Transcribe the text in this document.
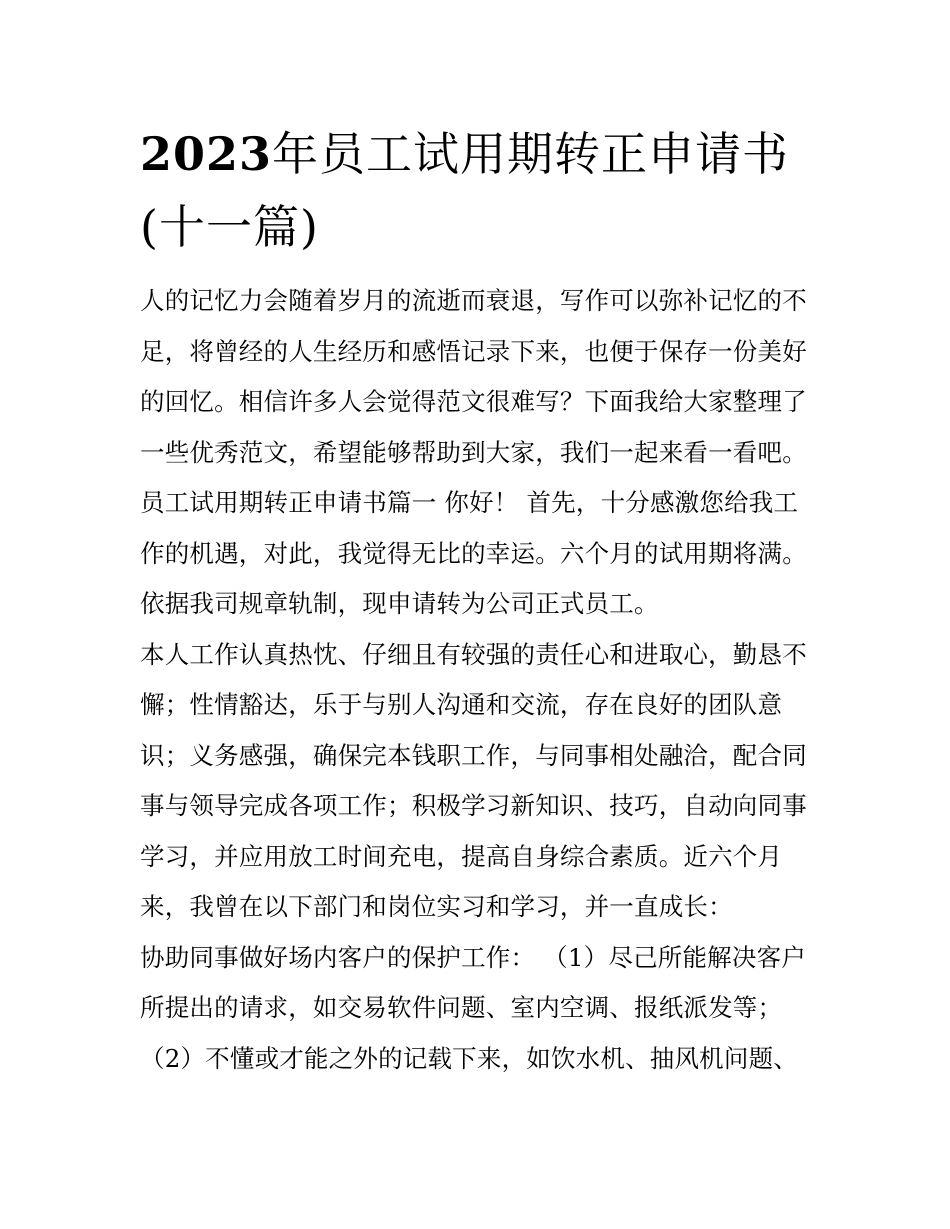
2023年员工试用期转正申请书
(十一篇)
人的记忆力会随着岁月的流逝而衰退，写作可以弥补记忆的不
足，将曾经的人生经历和感悟记录下来，也便于保存一份美好
的回忆。相信许多人会觉得范文很难写？下面我给大家整理了
一些优秀范文，希望能够帮助到大家，我们一起来看一看吧。
员工试用期转正申请书篇一 你好！ 首先，十分感激您给我工
作的机遇，对此，我觉得无比的幸运。六个月的试用期将满。
依据我司规章轨制，现申请转为公司正式员工。
本人工作认真热忱、仔细且有较强的责任心和进取心，勤恳不
懈；性情豁达，乐于与别人沟通和交流，存在良好的团队意
识；义务感强，确保完本钱职工作，与同事相处融洽，配合同
事与领导完成各项工作；积极学习新知识、技巧，自动向同事
学习，并应用放工时间充电，提高自身综合素质。近六个月
来，我曾在以下部门和岗位实习和学习，并一直成长：
协助同事做好场内客户的保护工作： （1）尽己所能解决客户
所提出的请求，如交易软件问题、室内空调、报纸派发等；
（2）不懂或才能之外的记载下来，如饮水机、抽风机问题、
